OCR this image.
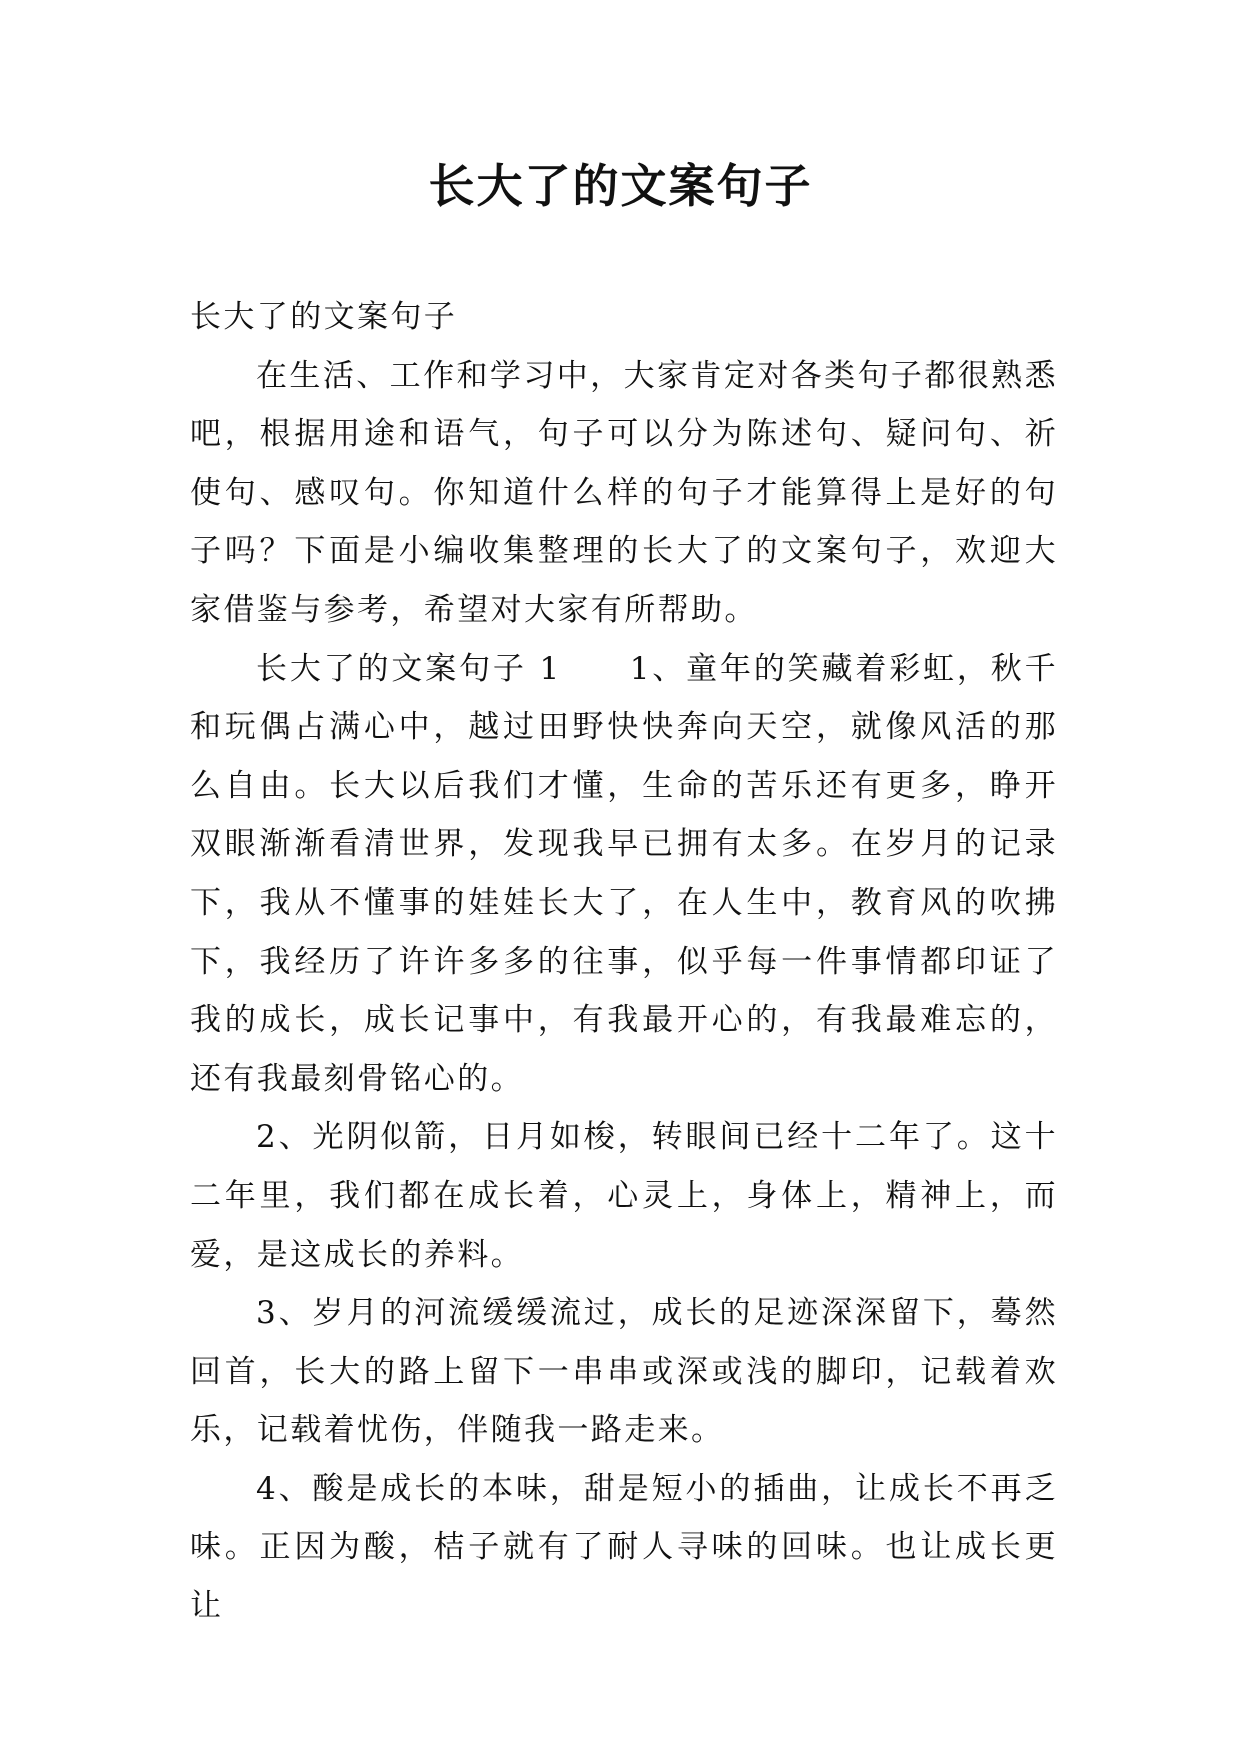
长大了的文案句子

长大了的文案句子

在生活、工作和学习中，大家肯定对各类句子都很熟悉吧，根据用途和语气，句子可以分为陈述句、疑问句、祈使句、感叹句。你知道什么样的句子才能算得上是好的句子吗？下面是小编收集整理的长大了的文案句子，欢迎大家借鉴与参考，希望对大家有所帮助。

长大了的文案句子 1　　1、童年的笑藏着彩虹，秋千和玩偶占满心中，越过田野快快奔向天空，就像风活的那么自由。长大以后我们才懂，生命的苦乐还有更多，睁开双眼渐渐看清世界，发现我早已拥有太多。在岁月的记录下，我从不懂事的娃娃长大了，在人生中，教育风的吹拂下，我经历了许许多多的往事，似乎每一件事情都印证了我的成长，成长记事中，有我最开心的，有我最难忘的，还有我最刻骨铭心的。

2、光阴似箭，日月如梭，转眼间已经十二年了。这十二年里，我们都在成长着，心灵上，身体上，精神上，而爱，是这成长的养料。

3、岁月的河流缓缓流过，成长的足迹深深留下，蓦然回首，长大的路上留下一串串或深或浅的脚印，记载着欢乐，记载着忧伤，伴随我一路走来。

4、酸是成长的本味，甜是短小的插曲，让成长不再乏味。正因为酸，桔子就有了耐人寻味的回味。也让成长更让
